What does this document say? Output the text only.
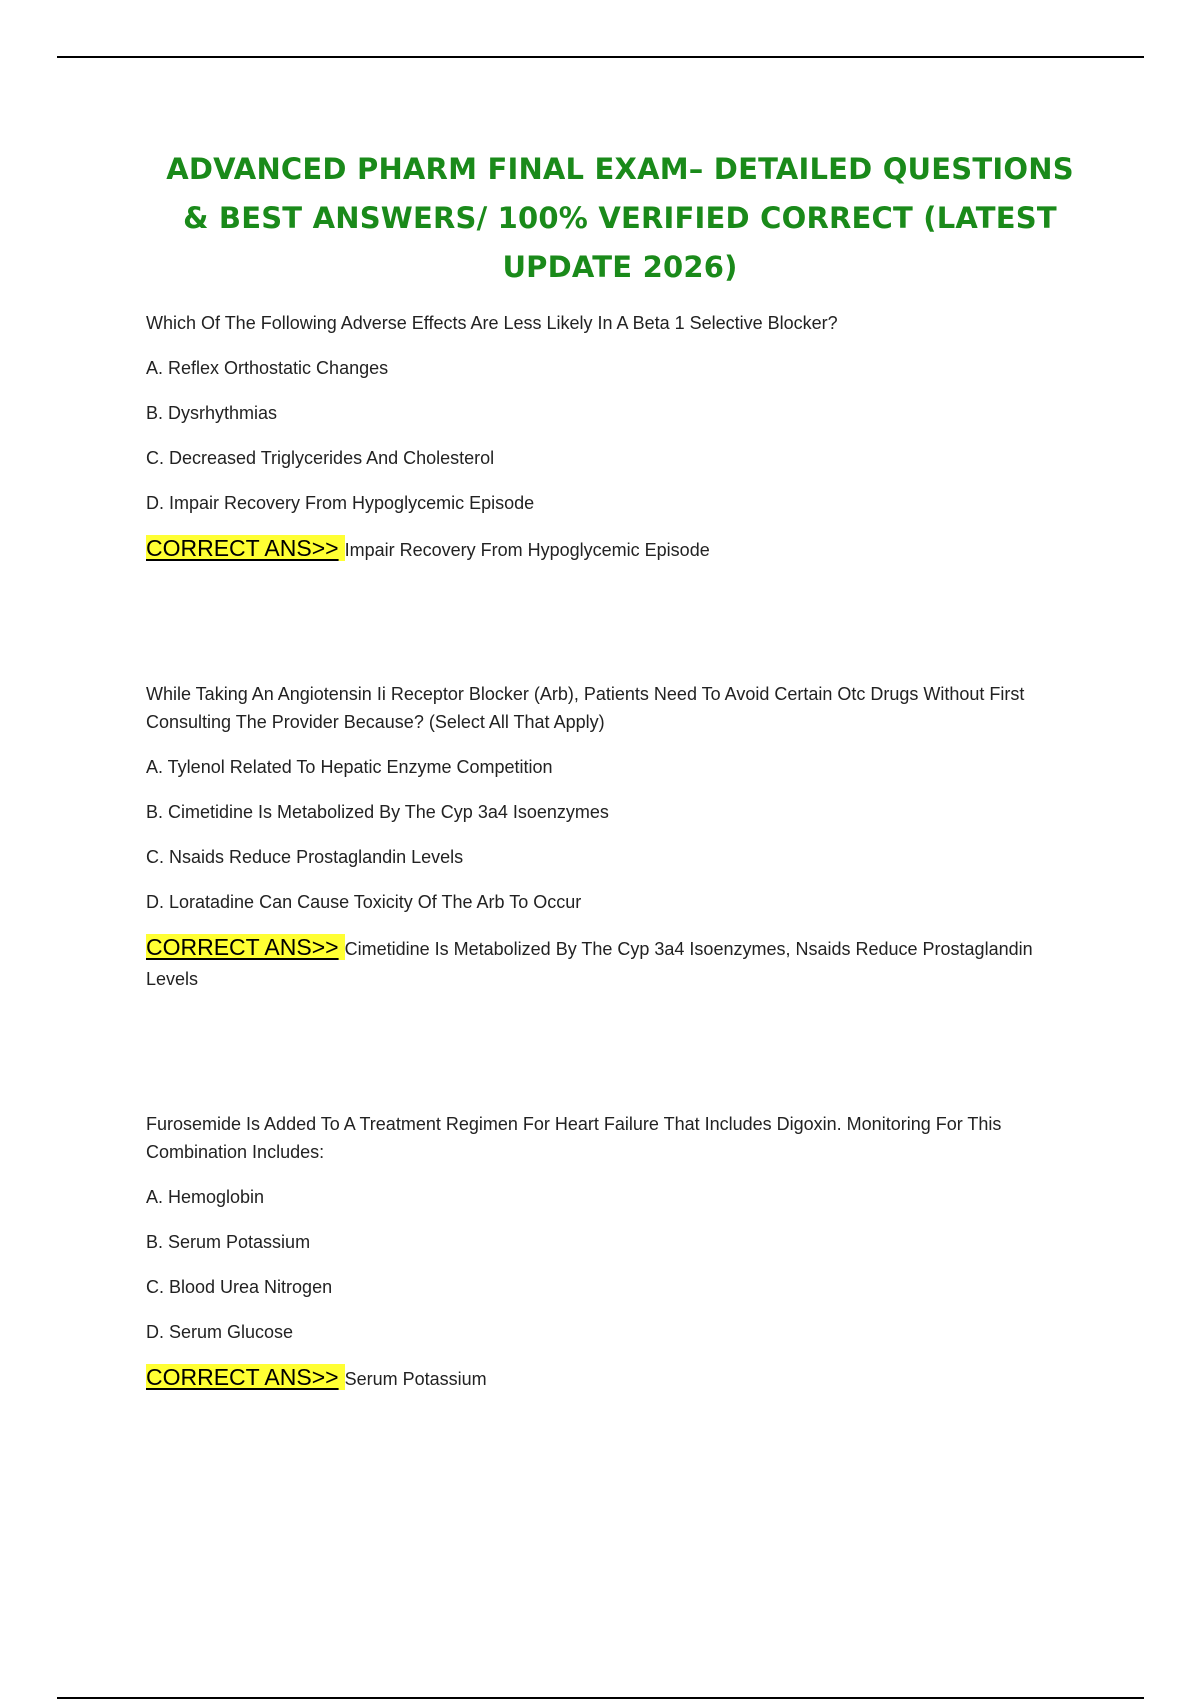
ADVANCED PHARM FINAL EXAM– DETAILED QUESTIONS & BEST ANSWERS/ 100% VERIFIED CORRECT (LATEST UPDATE 2026)

Which Of The Following Adverse Effects Are Less Likely In A Beta 1 Selective Blocker?

A. Reflex Orthostatic Changes
B. Dysrhythmias
C. Decreased Triglycerides And Cholesterol
D. Impair Recovery From Hypoglycemic Episode
CORRECT ANS>> Impair Recovery From Hypoglycemic Episode

While Taking An Angiotensin Ii Receptor Blocker (Arb), Patients Need To Avoid Certain Otc Drugs Without First Consulting The Provider Because? (Select All That Apply)

A. Tylenol Related To Hepatic Enzyme Competition
B. Cimetidine Is Metabolized By The Cyp 3a4 Isoenzymes
C. Nsaids Reduce Prostaglandin Levels
D. Loratadine Can Cause Toxicity Of The Arb To Occur
CORRECT ANS>> Cimetidine Is Metabolized By The Cyp 3a4 Isoenzymes, Nsaids Reduce Prostaglandin Levels

Furosemide Is Added To A Treatment Regimen For Heart Failure That Includes Digoxin. Monitoring For This Combination Includes:

A. Hemoglobin
B. Serum Potassium
C. Blood Urea Nitrogen
D. Serum Glucose
CORRECT ANS>> Serum Potassium
